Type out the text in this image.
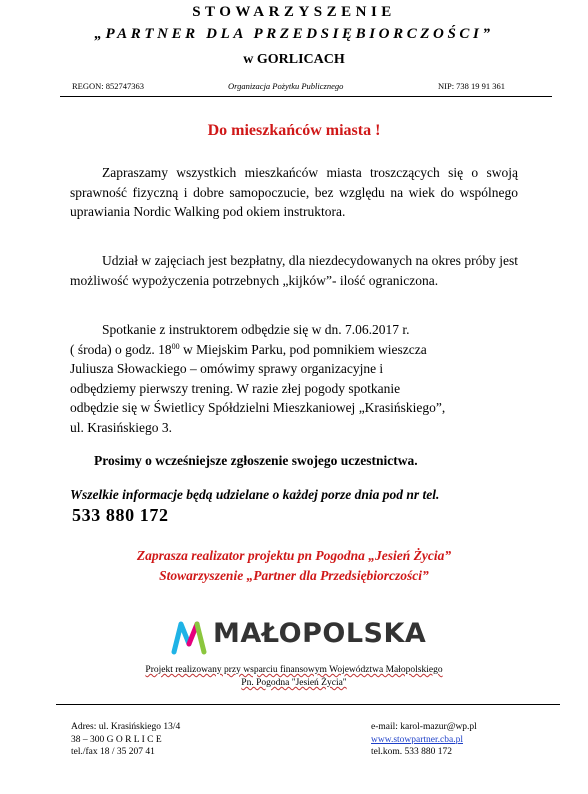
STOWARZYSZENIE
„PARTNER DLA PRZEDSIĘBIORCZOŚCI”
w GORLICACH
REGON: 852747363	Organizacja Pożytku Publicznego	NIP: 738 19 91 361
Do mieszkańców miasta !
Zapraszamy wszystkich mieszkańców miasta troszczących się o swoją sprawność fizyczną i dobre samopoczucie, bez względu na wiek do wspólnego uprawiania Nordic Walking pod okiem instruktora.
Udział w zajęciach jest bezpłatny, dla niezdecydowanych na okres próby jest możliwość wypożyczenia potrzebnych „kijków”- ilość ograniczona.
Spotkanie z instruktorem odbędzie się w dn. 7.06.2017 r.
( środa) o godz. $18^{00}$ w Miejskim Parku, pod pomnikiem wieszcza
Juliusza Słowackiego – omówimy sprawy organizacyjne i
odbędziemy pierwszy trening. W razie złej pogody spotkanie
odbędzie się w Świetlicy Spółdzielni Mieszkaniowej „Krasińskiego”,
ul. Krasińskiego 3.
Prosimy o wcześniejsze zgłoszenie swojego uczestnictwa.
Wszelkie informacje będą udzielane o każdej porze dnia pod nr tel.
533 880 172
Zaprasza realizator projektu pn Pogodna „Jesień Życia”
Stowarzyszenie „Partner dla Przedsiębiorczości”
MAŁOPOLSKA
Projekt realizowany przy wsparciu finansowym Województwa Małopolskiego
Pn. Pogodna "Jesień Życia"
Adres: ul. Krasińskiego 13/4
38 – 300 G O R L I C E
tel./fax 18 / 35 207 41
e-mail: karol-mazur@wp.pl
www.stowpartner.cba.pl
tel.kom. 533 880 172
